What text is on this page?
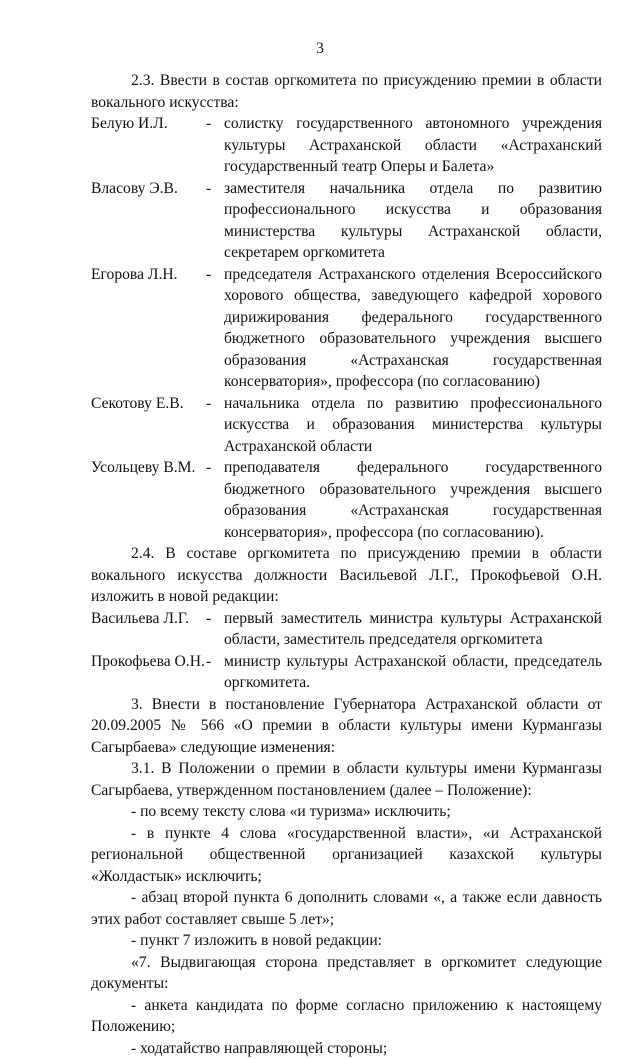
3

2.3. Ввести в состав оргкомитета по присуждению премии в области вокального искусства:

Белую И.Л.	- солистку государственного автономного учреждения культуры Астраханской области «Астраханский государственный театр Оперы и Балета»
Власову Э.В.	- заместителя начальника отдела по развитию профессионального искусства и образования министерства культуры Астраханской области, секретарем оргкомитета
Егорова Л.Н.	- председателя Астраханского отделения Всероссийского хорового общества, заведующего кафедрой хорового дирижирования федерального государственного бюджетного образовательного учреждения высшего образования «Астраханская государственная консерватория», профессора (по согласованию)
Секотову Е.В.	- начальника отдела по развитию профессионального искусства и образования министерства культуры Астраханской области
Усольцеву В.М. - преподавателя федерального государственного бюджетного образовательного учреждения высшего образования «Астраханская государственная консерватория», профессора (по согласованию).

2.4. В составе оргкомитета по присуждению премии в области вокального искусства должности Васильевой Л.Г., Прокофьевой О.Н. изложить в новой редакции:

Васильева Л.Г.	- первый заместитель министра культуры Астраханской области, заместитель председателя оргкомитета
Прокофьева О.Н. - министр культуры Астраханской области, председатель оргкомитета.

3. Внести в постановление Губернатора Астраханской области от 20.09.2005 № 566 «О премии в области культуры имени Курмангазы Сагырбаева» следующие изменения:

3.1. В Положении о премии в области культуры имени Курмангазы Сагырбаева, утвержденном постановлением (далее – Положение):

- по всему тексту слова «и туризма» исключить;

- в пункте 4 слова «государственной власти», «и Астраханской региональной общественной организацией казахской культуры «Жолдастык» исключить;

- абзац второй пункта 6 дополнить словами «, а также если давность этих работ составляет свыше 5 лет»;

- пункт 7 изложить в новой редакции:

«7. Выдвигающая сторона представляет в оргкомитет следующие документы:

- анкета кандидата по форме согласно приложению к настоящему Положению;

- ходатайство направляющей стороны;
